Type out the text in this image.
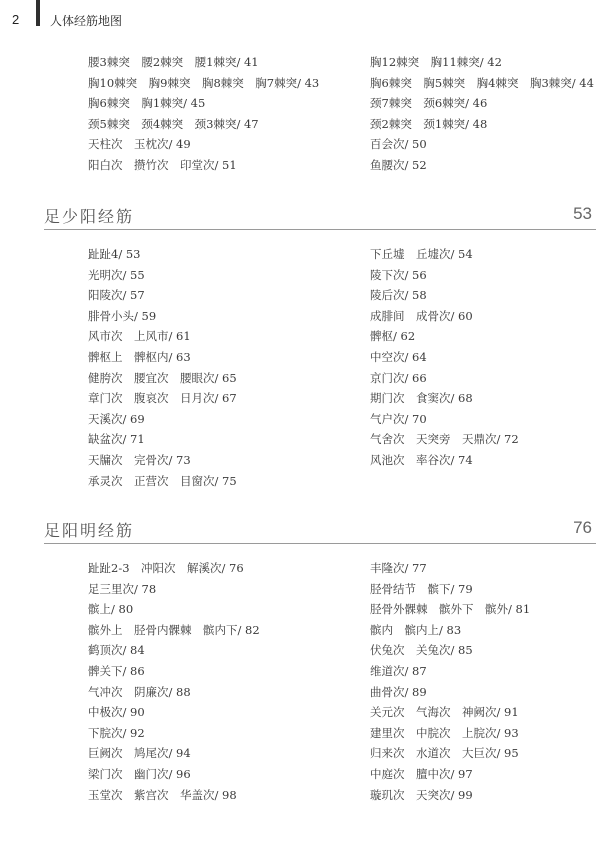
2	人体经筋地图
腰3棘突　腰2棘突　腰1棘突/ 41
胸10棘突　胸9棘突　胸8棘突　胸7棘突/ 43
胸6棘突　胸1棘突/ 45
颈5棘突　颈4棘突　颈3棘突/ 47
天柱次　玉枕次/ 49
阳白次　攒竹次　印堂次/ 51
胸12棘突　胸11棘突/ 42
胸6棘突　胸5棘突　胸4棘突　胸3棘突/ 44
颈7棘突　颈6棘突/ 46
颈2棘突　颈1棘突/ 48
百会次/ 50
鱼腰次/ 52
足少阳经筋	53
趾趾4/ 53
光明次/ 55
阳陵次/ 57
腓骨小头/ 59
风市次　上风市/ 61
髀枢上　髀枢内/ 63
健胯次　腰宜次　腰眼次/ 65
章门次　腹哀次　日月次/ 67
天溪次/ 69
缺盆次/ 71
天牖次　完骨次/ 73
承灵次　正营次　目窗次/ 75
下丘墟　丘墟次/ 54
陵下次/ 56
陵后次/ 58
成腓间　成骨次/ 60
髀枢/ 62
中空次/ 64
京门次/ 66
期门次　食窦次/ 68
气户次/ 70
气舍次　天突旁　天鼎次/ 72
风池次　率谷次/ 74
足阳明经筋	76
趾趾2-3　冲阳次　解溪次/ 76
足三里次/ 78
髌上/ 80
髌外上　胫骨内髁棘　髌内下/ 82
鹤顶次/ 84
髀关下/ 86
气冲次　阴廉次/ 88
中极次/ 90
下脘次/ 92
巨阙次　鸠尾次/ 94
梁门次　幽门次/ 96
玉堂次　紫宫次　华盖次/ 98
丰隆次/ 77
胫骨结节　髌下/ 79
胫骨外髁棘　髌外下　髌外/ 81
髌内　髌内上/ 83
伏兔次　关兔次/ 85
维道次/ 87
曲骨次/ 89
关元次　气海次　神阙次/ 91
建里次　中脘次　上脘次/ 93
归来次　水道次　大巨次/ 95
中庭次　膻中次/ 97
璇玑次　天突次/ 99
